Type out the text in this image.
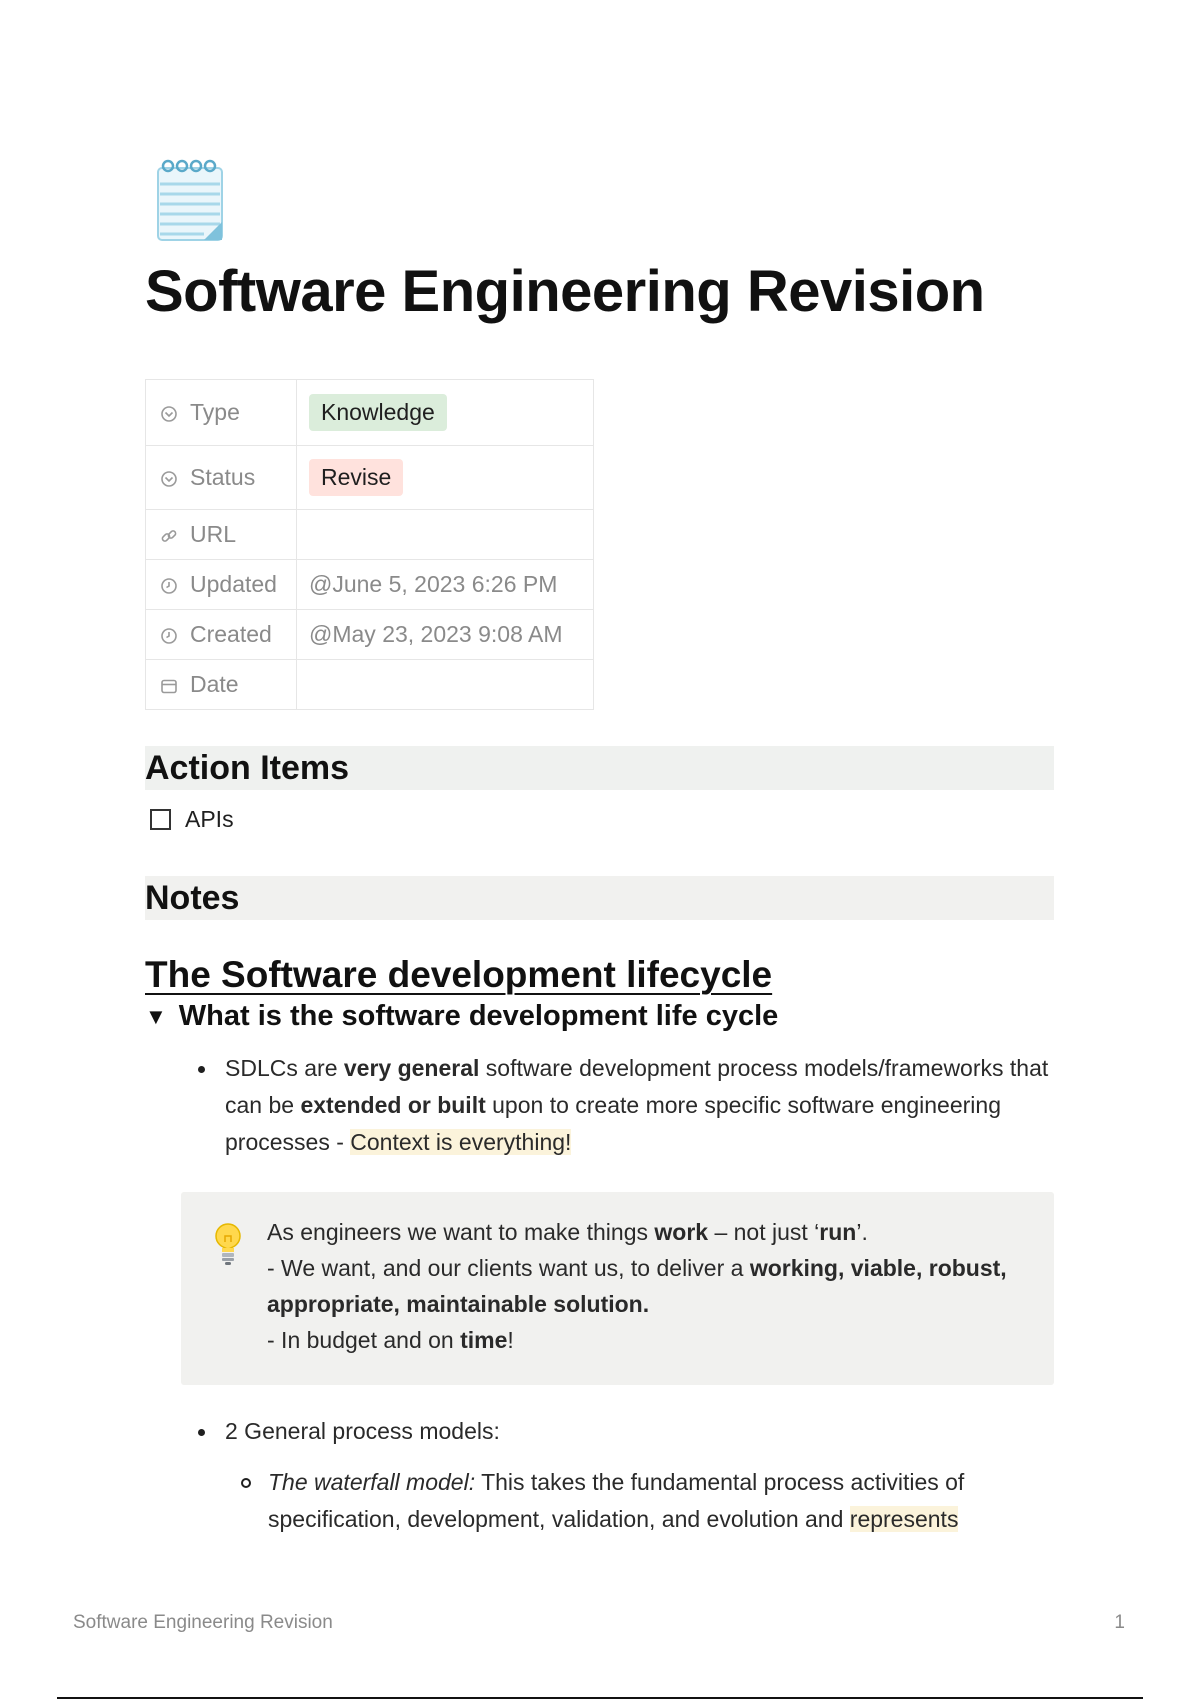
Software Engineering Revision
Type	Knowledge
Status	Revise
URL	
Updated	@June 5, 2023 6:26 PM
Created	@May 23, 2023 9:08 AM
Date	
Action Items
APIs
Notes
The Software development lifecycle
▼ What is the software development life cycle
SDLCs are very general software development process models/frameworks that can be extended or built upon to create more specific software engineering processes - Context is everything!
As engineers we want to make things work – not just ‘run’.
- We want, and our clients want us, to deliver a working, viable, robust, appropriate, maintainable solution.
- In budget and on time!
2 General process models:
The waterfall model: This takes the fundamental process activities of specification, development, validation, and evolution and represents
Software Engineering Revision	1
